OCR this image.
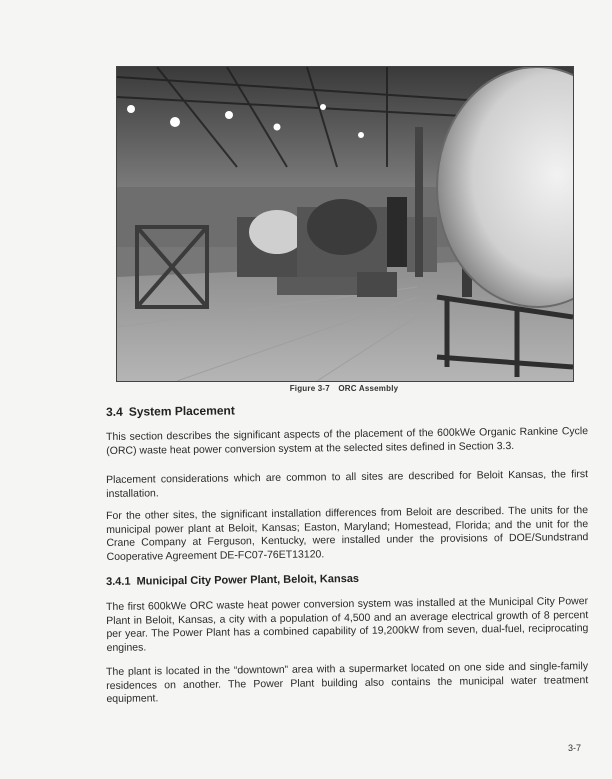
Figure 3-7 ORC Assembly
3.4 System Placement

This section describes the significant aspects of the placement of the 600kWe Organic Rankine Cycle (ORC) waste heat power conversion system at the selected sites defined in Section 3.3.

Placement considerations which are common to all sites are described for Beloit Kansas, the first installation.

For the other sites, the significant installation differences from Beloit are described. The units for the municipal power plant at Beloit, Kansas; Easton, Maryland; Homestead, Florida; and the unit for the Crane Company at Ferguson, Kentucky, were installed under the provisions of DOE/Sundstrand Cooperative Agreement DE-FC07-76ET13120.

3.4.1 Municipal City Power Plant, Beloit, Kansas

The first 600kWe ORC waste heat power conversion system was installed at the Municipal City Power Plant in Beloit, Kansas, a city with a population of 4,500 and an average electrical growth of 8 percent per year. The Power Plant has a combined capability of 19,200kW from seven, dual-fuel, reciprocating engines.

The plant is located in the “downtown” area with a supermarket located on one side and single-family residences on another. The Power Plant building also contains the municipal water treatment equipment.

3-7
